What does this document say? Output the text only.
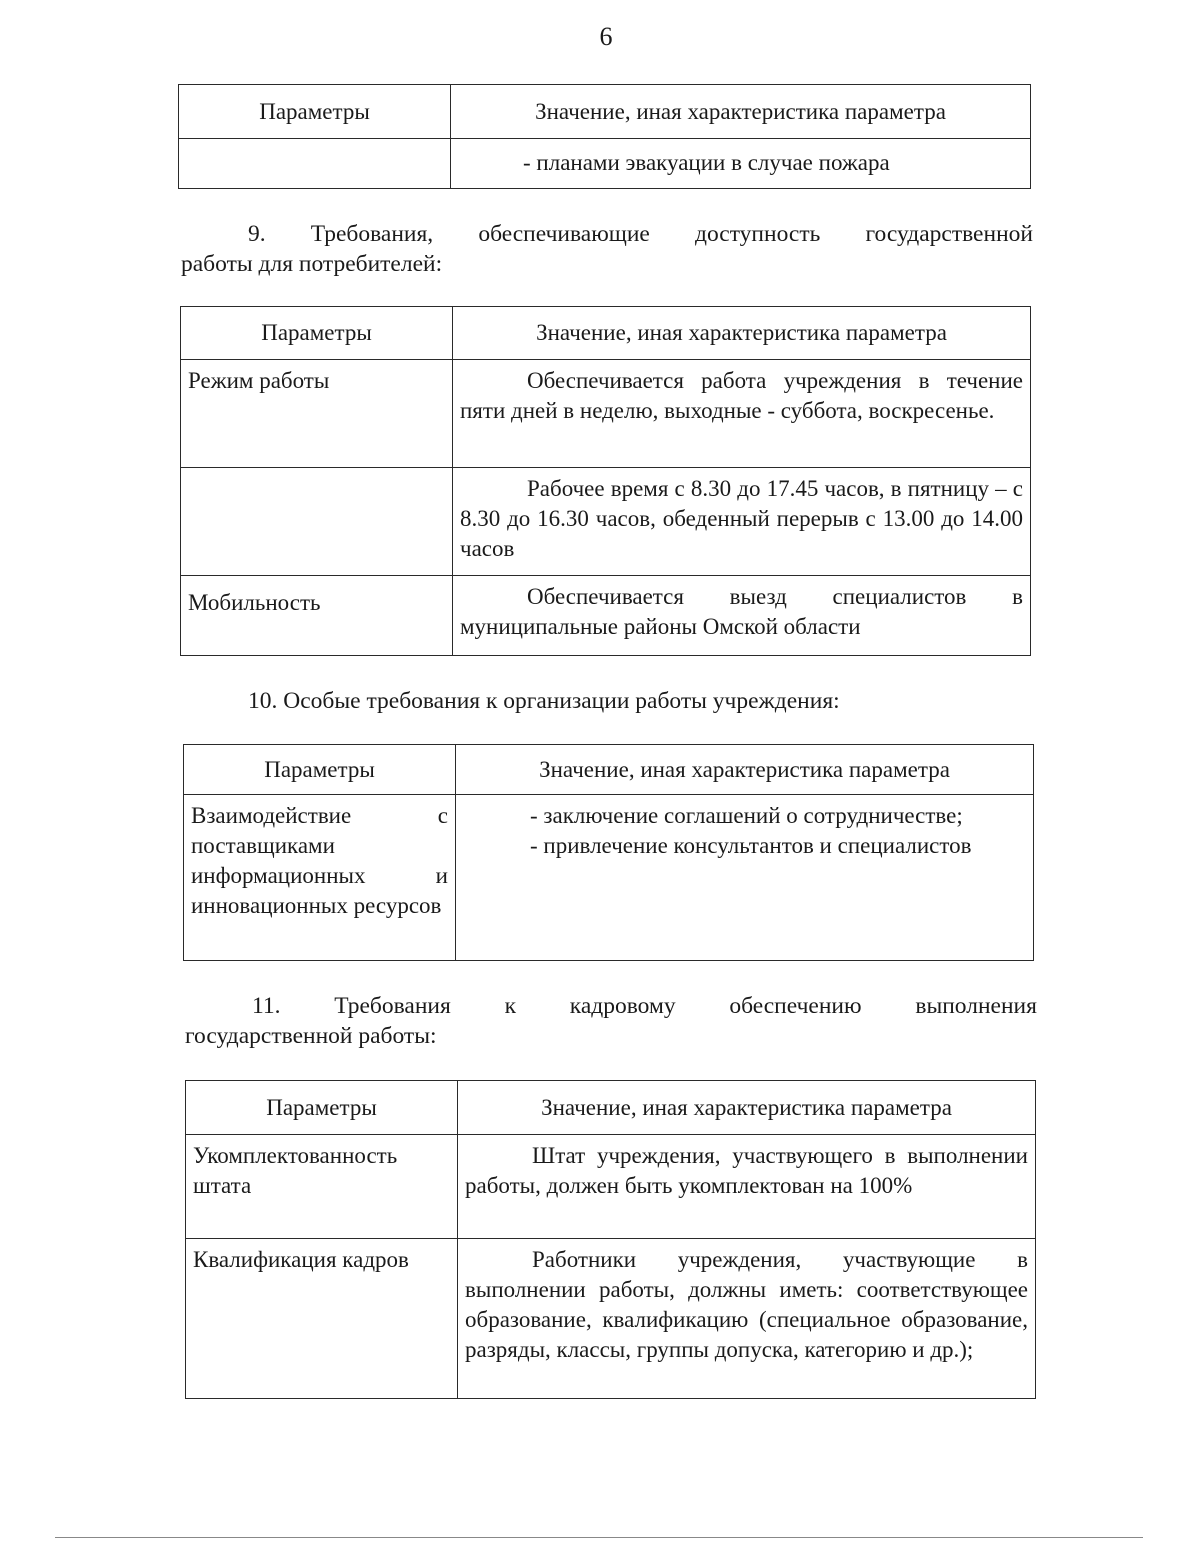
6
Параметры	Значение, иная характеристика параметра
	- планами эвакуации в случае пожара
9. Требования, обеспечивающие доступность государственной
работы для потребителей:
Параметры	Значение, иная характеристика параметра
Режим работы	Обеспечивается работа учреждения в течение пяти дней в неделю, выходные - суббота, воскресенье.
	Рабочее время с 8.30 до 17.45 часов, в пятницу – с 8.30 до 16.30 часов, обеденный перерыв с 13.00 до 14.00 часов
Мобильность	Обеспечивается выезд специалистов в муниципальные районы Омской области
10. Особые требования к организации работы учреждения:
Параметры	Значение, иная характеристика параметра
Взаимодействие с поставщиками информационных и инновационных ресурсов	- заключение соглашений о сотрудничестве;
- привлечение консультантов и специалистов
11. Требования к кадровому обеспечению выполнения
государственной работы:
Параметры	Значение, иная характеристика параметра
Укомплектованность штата	Штат учреждения, участвующего в выполнении работы, должен быть укомплектован на 100%
Квалификация кадров	Работники учреждения, участвующие в выполнении работы, должны иметь: соответствующее образование, квалификацию (специальное образование, разряды, классы, группы допуска, категорию и др.);
